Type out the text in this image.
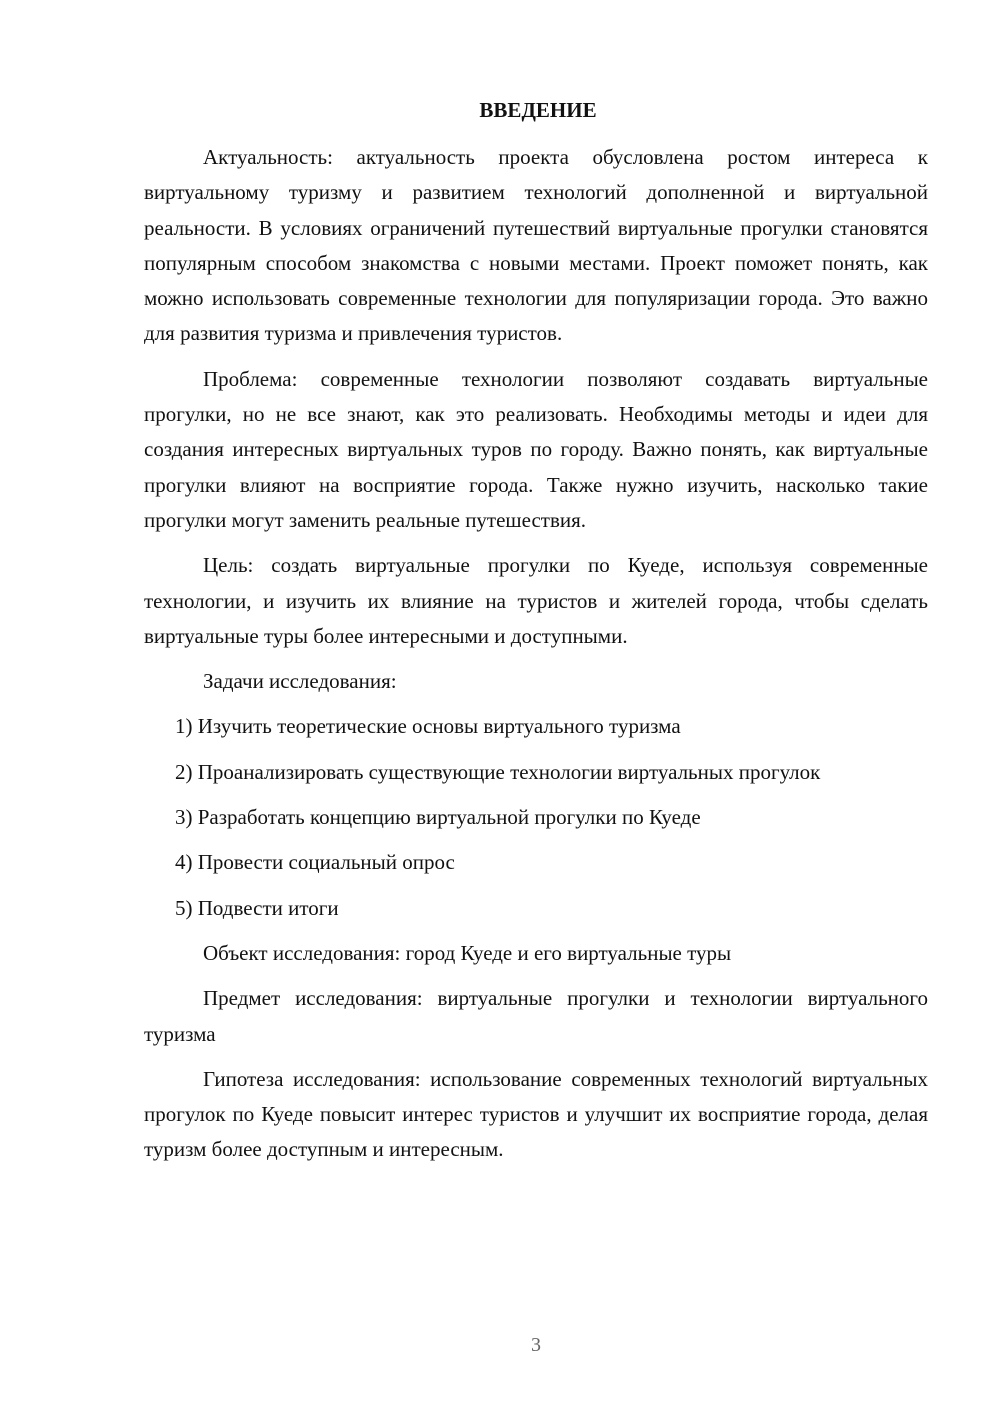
ВВЕДЕНИЕ

Актуальность: актуальность проекта обусловлена ростом интереса к виртуальному туризму и развитием технологий дополненной и виртуальной реальности. В условиях ограничений путешествий виртуальные прогулки становятся популярным способом знакомства с новыми местами. Проект поможет понять, как можно использовать современные технологии для популяризации города. Это важно для развития туризма и привлечения туристов.

Проблема: современные технологии позволяют создавать виртуальные прогулки, но не все знают, как это реализовать. Необходимы методы и идеи для создания интересных виртуальных туров по городу. Важно понять, как виртуальные прогулки влияют на восприятие города. Также нужно изучить, насколько такие прогулки могут заменить реальные путешествия.

Цель: создать виртуальные прогулки по Куеде, используя современные технологии, и изучить их влияние на туристов и жителей города, чтобы сделать виртуальные туры более интересными и доступными.

Задачи исследования:

1) Изучить теоретические основы виртуального туризма

2) Проанализировать существующие технологии виртуальных прогулок

3) Разработать концепцию виртуальной прогулки по Куеде

4) Провести социальный опрос

5) Подвести итоги

Объект исследования: город Куеде и его виртуальные туры

Предмет исследования: виртуальные прогулки и технологии виртуального туризма

Гипотеза исследования: использование современных технологий виртуальных прогулок по Куеде повысит интерес туристов и улучшит их восприятие города, делая туризм более доступным и интересным.

3
